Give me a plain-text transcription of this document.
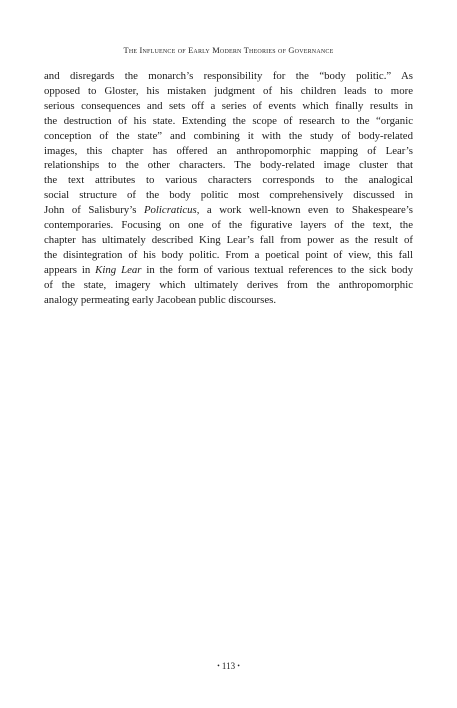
The Influence of Early Modern Theories of Governance
and disregards the monarch’s responsibility for the “body politic.” As
opposed to Gloster, his mistaken judgment of his children leads to more
serious consequences and sets off a series of events which finally results in
the destruction of his state. Extending the scope of research to the “organic
conception of the state” and combining it with the study of body-related
images, this chapter has offered an anthropomorphic mapping of Lear’s
relationships to the other characters. The body-related image cluster that
the text attributes to various characters corresponds to the analogical
social structure of the body politic most comprehensively discussed in
John of Salisbury’s Policraticus, a work well-known even to Shakespeare’s
contemporaries. Focusing on one of the figurative layers of the text, the
chapter has ultimately described King Lear’s fall from power as the result of
the disintegration of his body politic. From a poetical point of view, this fall
appears in King Lear in the form of various textual references to the sick body
of the state, imagery which ultimately derives from the anthropomorphic
analogy permeating early Jacobean public discourses.
• 113 •
